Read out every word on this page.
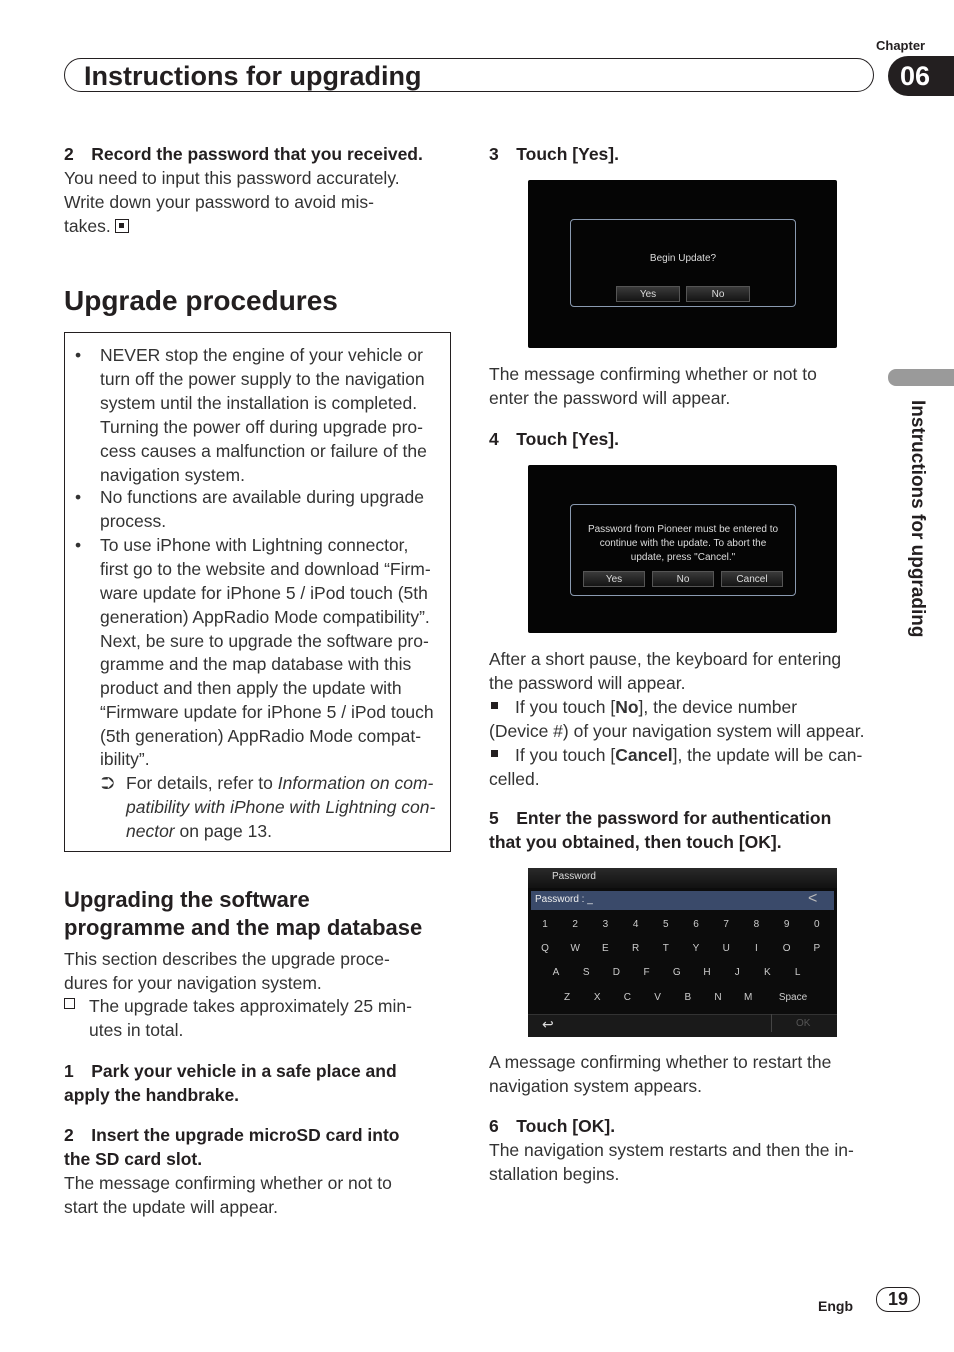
Chapter
Instructions for upgrading	06
Instructions for upgrading
2 Record the password that you received.
You need to input this password accurately.
Write down your password to avoid mis-
takes.
Upgrade procedures
• NEVER stop the engine of your vehicle or
turn off the power supply to the navigation
system until the installation is completed.
Turning the power off during upgrade pro-
cess causes a malfunction or failure of the
navigation system.
• No functions are available during upgrade
process.
• To use iPhone with Lightning connector,
first go to the website and download “Firm-
ware update for iPhone 5 / iPod touch (5th
generation) AppRadio Mode compatibility”.
Next, be sure to upgrade the software pro-
gramme and the map database with this
product and then apply the update with
“Firmware update for iPhone 5 / iPod touch
(5th generation) AppRadio Mode compat-
ibility”.
⮊ For details, refer to Information on com-
patibility with iPhone with Lightning con-
nector on page 13.
Upgrading the software
programme and the map database
This section describes the upgrade proce-
dures for your navigation system.
The upgrade takes approximately 25 min-
utes in total.
1 Park your vehicle in a safe place and
apply the handbrake.
2 Insert the upgrade microSD card into
the SD card slot.
The message confirming whether or not to
start the update will appear.
3 Touch [Yes].
Begin Update?
Yes	No
The message confirming whether or not to
enter the password will appear.
4 Touch [Yes].
Password from Pioneer must be entered to
continue with the update. To abort the
update, press "Cancel."
Yes	No	Cancel
After a short pause, the keyboard for entering
the password will appear.
If you touch [No], the device number
(Device #) of your navigation system will appear.
If you touch [Cancel], the update will be can-
celled.
5 Enter the password for authentication
that you obtained, then touch [OK].
Password
Password : _	<
1	2	3	4	5	6	7	8	9	0
Q	W	E	R	T	Y	U	I	O	P
A	S	D	F	G	H	J	K	L
Z	X	C	V	B	N	M	Space
↩	OK
A message confirming whether to restart the
navigation system appears.
6 Touch [OK].
The navigation system restarts and then the in-
stallation begins.
Engb	19
